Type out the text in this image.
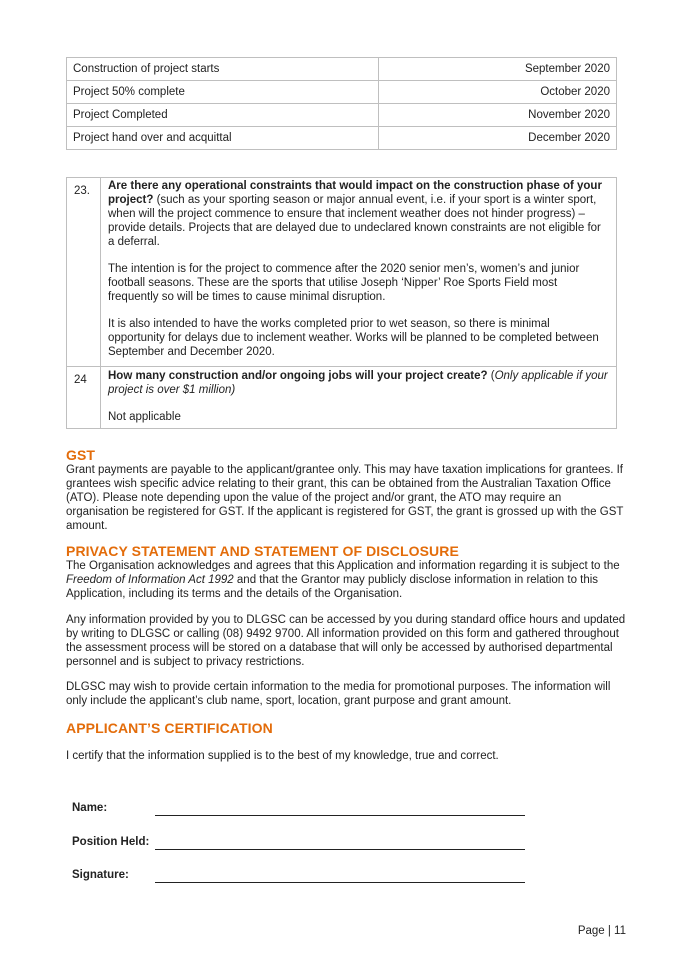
Construction of project starts	September 2020
Project 50% complete	October 2020
Project Completed	November 2020
Project hand over and acquittal	December 2020
23.	Are there any operational constraints that would impact on the construction phase of your project? (such as your sporting season or major annual event, i.e. if your sport is a winter sport, when will the project commence to ensure that inclement weather does not hinder progress) – provide details. Projects that are delayed due to undeclared known constraints are not eligible for a deferral.

The intention is for the project to commence after the 2020 senior men’s, women’s and junior football seasons. These are the sports that utilise Joseph ‘Nipper’ Roe Sports Field most frequently so will be times to cause minimal disruption.

It is also intended to have the works completed prior to wet season, so there is minimal opportunity for delays due to inclement weather. Works will be planned to be completed between September and December 2020.

24	How many construction and/or ongoing jobs will your project create? (Only applicable if your project is over $1 million)

Not applicable

GST

Grant payments are payable to the applicant/grantee only. This may have taxation implications for grantees. If grantees wish specific advice relating to their grant, this can be obtained from the Australian Taxation Office (ATO). Please note depending upon the value of the project and/or grant, the ATO may require an organisation be registered for GST. If the applicant is registered for GST, the grant is grossed up with the GST amount.

PRIVACY STATEMENT AND STATEMENT OF DISCLOSURE

The Organisation acknowledges and agrees that this Application and information regarding it is subject to the Freedom of Information Act 1992 and that the Grantor may publicly disclose information in relation to this Application, including its terms and the details of the Organisation.

Any information provided by you to DLGSC can be accessed by you during standard office hours and updated by writing to DLGSC or calling (08) 9492 9700. All information provided on this form and gathered throughout the assessment process will be stored on a database that will only be accessed by authorised departmental personnel and is subject to privacy restrictions.

DLGSC may wish to provide certain information to the media for promotional purposes. The information will only include the applicant’s club name, sport, location, grant purpose and grant amount.

APPLICANT’S CERTIFICATION

I certify that the information supplied is to the best of my knowledge, true and correct.

Name:
Position Held:
Signature:
Page | 11
